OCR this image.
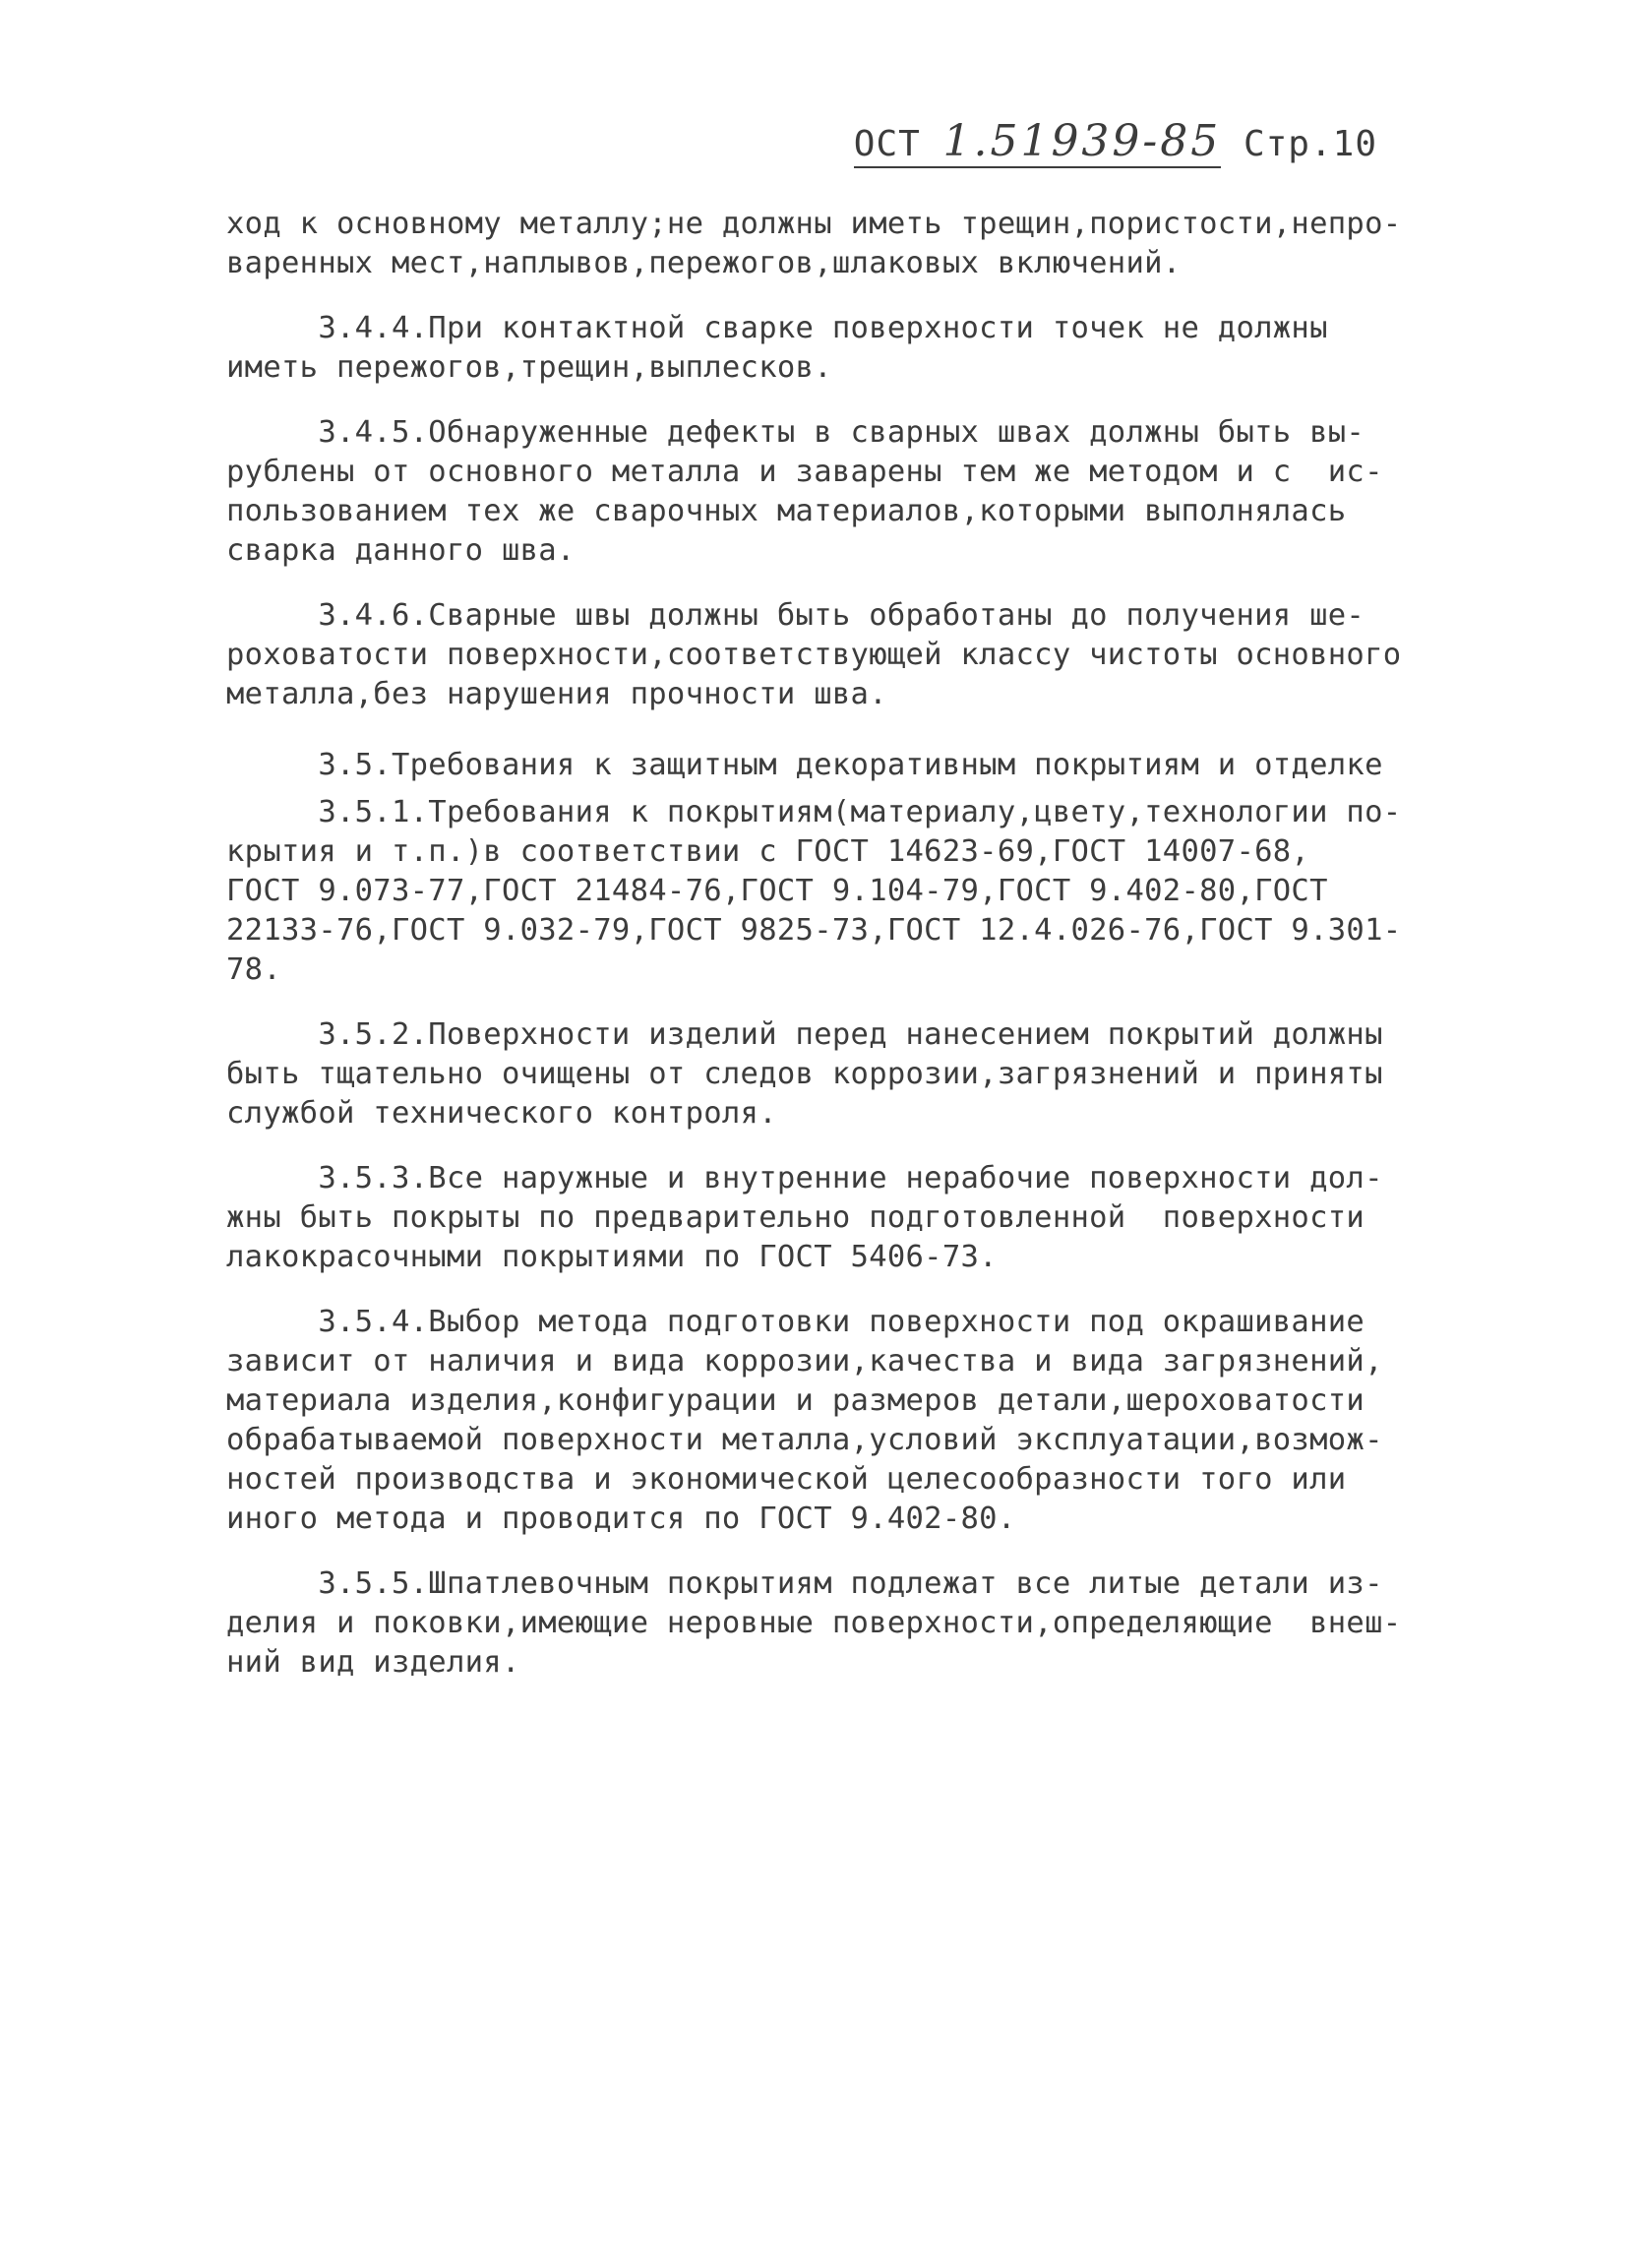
ОСТ 1.51939-85 Стр.10
ход к основному металлу;не должны иметь трещин,пористости,непро-
варенных мест,наплывов,пережогов,шлаковых включений.
3.4.4.При контактной сварке поверхности точек не должны
иметь пережогов,трещин,выплесков.
3.4.5.Обнаруженные дефекты в сварных швах должны быть вы-
рублены от основного металла и заварены тем же методом и с  ис-
пользованием тех же сварочных материалов,которыми выполнялась
сварка данного шва.
3.4.6.Сварные швы должны быть обработаны до получения ше-
роховатости поверхности,соответствующей классу чистоты основного
металла,без нарушения прочности шва.
3.5.Требования к защитным декоративным покрытиям и отделке
3.5.1.Требования к покрытиям(материалу,цвету,технологии по-
крытия и т.п.)в соответствии с ГОСТ 14623-69,ГОСТ 14007-68,
ГОСТ 9.073-77,ГОСТ 21484-76,ГОСТ 9.104-79,ГОСТ 9.402-80,ГОСТ
22133-76,ГОСТ 9.032-79,ГОСТ 9825-73,ГОСТ 12.4.026-76,ГОСТ 9.301-
78.
3.5.2.Поверхности изделий перед нанесением покрытий должны
быть тщательно очищены от следов коррозии,загрязнений и приняты
службой технического контроля.
3.5.3.Все наружные и внутренние нерабочие поверхности дол-
жны быть покрыты по предварительно подготовленной  поверхности
лакокрасочными покрытиями по ГОСТ 5406-73.
3.5.4.Выбор метода подготовки поверхности под окрашивание
зависит от наличия и вида коррозии,качества и вида загрязнений,
материала изделия,конфигурации и размеров детали,шероховатости
обрабатываемой поверхности металла,условий эксплуатации,возмож-
ностей производства и экономической целесообразности того или
иного метода и проводится по ГОСТ 9.402-80.
3.5.5.Шпатлевочным покрытиям подлежат все литые детали из-
делия и поковки,имеющие неровные поверхности,определяющие  внеш-
ний вид изделия.
